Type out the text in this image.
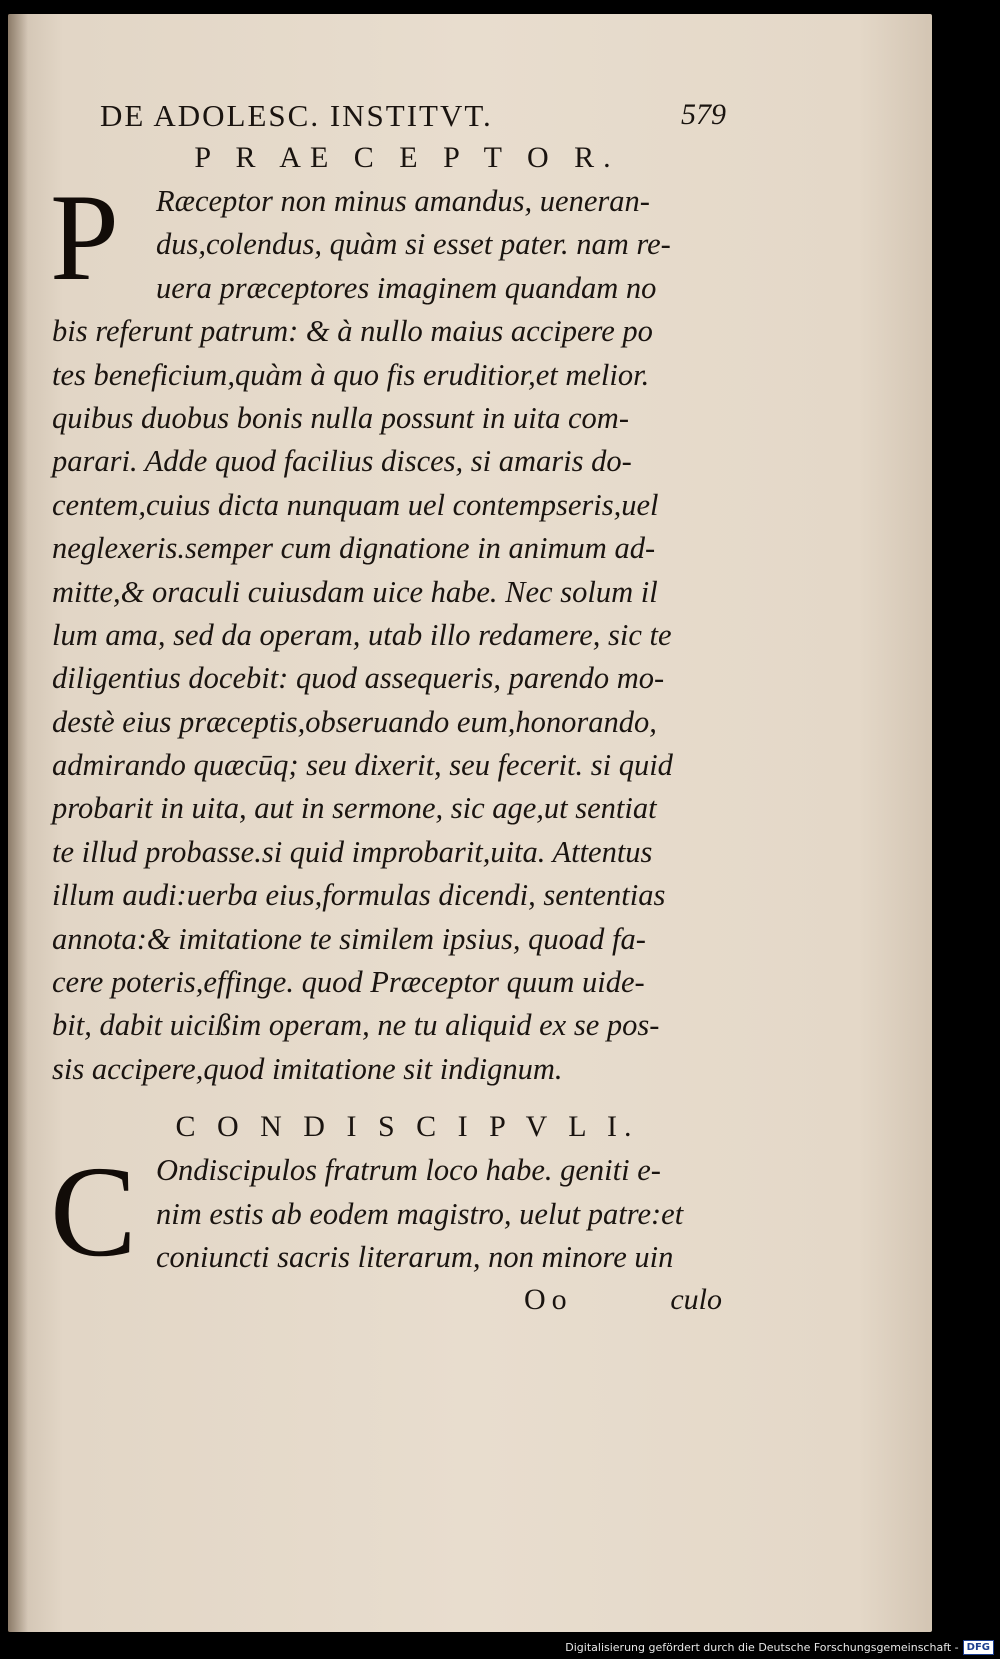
DE ADOLESC. INSTITVT.	579
P R AE C E P T O R.
P	Ræceptor non minus amandus, ueneran-
dus,colendus, quàm si esset pater. nam re-
uera præceptores imaginem quandam no
bis referunt patrum: & à nullo maius accipere po
tes beneficium,quàm à quo fis eruditior,et melior.
quibus duobus bonis nulla possunt in uita com-
parari. Adde quod facilius disces, si amaris do-
centem,cuius dicta nunquam uel contempseris,uel
neglexeris.semper cum dignatione in animum ad-
mitte,& oraculi cuiusdam uice habe. Nec solum il
lum ama, sed da operam, utab illo redamere, sic te
diligentius docebit: quod assequeris, parendo mo-
destè eius præceptis,obseruando eum,honorando,
admirando quæcūq; seu dixerit, seu fecerit. si quid
probarit in uita, aut in sermone, sic age,ut sentiat
te illud probasse.si quid improbarit,uita. Attentus
illum audi:uerba eius,formulas dicendi, sententias
annota:& imitatione te similem ipsius, quoad fa-
cere poteris,effinge. quod Præceptor quum uide-
bit, dabit uicißim operam, ne tu aliquid ex se pos-
sis accipere,quod imitatione sit indignum.
C O N D I S C I P V L I.
C Ondiscipulos fratrum loco habe. geniti e-
nim estis ab eodem magistro, uelut patre:et
coniuncti sacris literarum, non minore uin
Oo	culo
Digitalisierung gefördert durch die Deutsche Forschungsgemeinschaft - DFG
